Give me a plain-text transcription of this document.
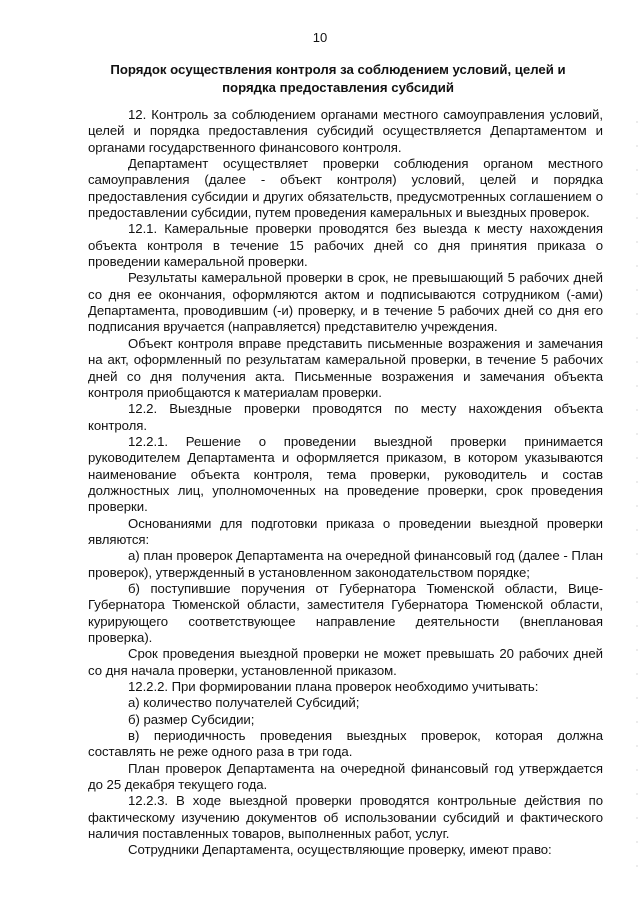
10
Порядок осуществления контроля за соблюдением условий, целей и порядка предоставления субсидий

12. Контроль за соблюдением органами местного самоуправления условий, целей и порядка предоставления субсидий осуществляется Департаментом и органами государственного финансового контроля.

Департамент осуществляет проверки соблюдения органом местного самоуправления (далее - объект контроля) условий, целей и порядка предоставления субсидии и других обязательств, предусмотренных соглашением о предоставлении субсидии, путем проведения камеральных и выездных проверок.

12.1. Камеральные проверки проводятся без выезда к месту нахождения объекта контроля в течение 15 рабочих дней со дня принятия приказа о проведении камеральной проверки.

Результаты камеральной проверки в срок, не превышающий 5 рабочих дней со дня ее окончания, оформляются актом и подписываются сотрудником (-ами) Департамента, проводившим (-и) проверку, и в течение 5 рабочих дней со дня его подписания вручается (направляется) представителю учреждения.

Объект контроля вправе представить письменные возражения и замечания на акт, оформленный по результатам камеральной проверки, в течение 5 рабочих дней со дня получения акта. Письменные возражения и замечания объекта контроля приобщаются к материалам проверки.

12.2. Выездные проверки проводятся по месту нахождения объекта контроля.

12.2.1. Решение о проведении выездной проверки принимается руководителем Департамента и оформляется приказом, в котором указываются наименование объекта контроля, тема проверки, руководитель и состав должностных лиц, уполномоченных на проведение проверки, срок проведения проверки.

Основаниями для подготовки приказа о проведении выездной проверки являются:

а) план проверок Департамента на очередной финансовый год (далее - План проверок), утвержденный в установленном законодательством порядке;

б) поступившие поручения от Губернатора Тюменской области, Вице-Губернатора Тюменской области, заместителя Губернатора Тюменской области, курирующего соответствующее направление деятельности (внеплановая проверка).

Срок проведения выездной проверки не может превышать 20 рабочих дней со дня начала проверки, установленной приказом.

12.2.2. При формировании плана проверок необходимо учитывать:

а) количество получателей Субсидий;

б) размер Субсидии;

в) периодичность проведения выездных проверок, которая должна составлять не реже одного раза в три года.

План проверок Департамента на очередной финансовый год утверждается до 25 декабря текущего года.

12.2.3. В ходе выездной проверки проводятся контрольные действия по фактическому изучению документов об использовании субсидий и фактического наличия поставленных товаров, выполненных работ, услуг.

Сотрудники Департамента, осуществляющие проверку, имеют право:
